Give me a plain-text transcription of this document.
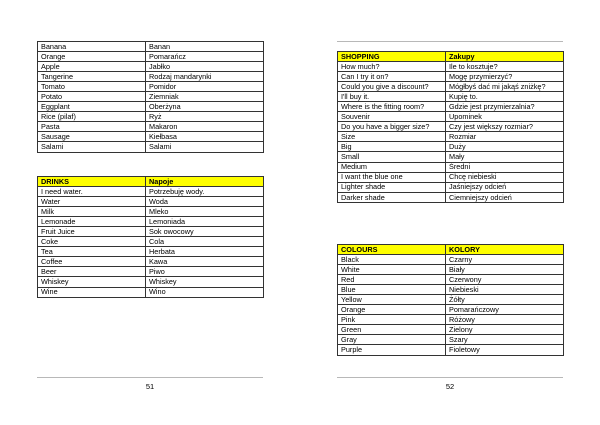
Banana	Banan
Orange	Pomarańcz
Apple	Jabłko
Tangerine	Rodzaj mandarynki
Tomato	Pomidor
Potato	Ziemniak
Eggplant	Oberżyna
Rice (pilaf)	Ryż
Pasta	Makaron
Sausage	Kiełbasa
Salami	Salami
DRINKS	Napoje
I need water.	Potrzebuję wody.
Water	Woda
Milk	Mleko
Lemonade	Lemoniada
Fruit Juice	Sok owocowy
Coke	Cola
Tea	Herbata
Coffee	Kawa
Beer	Piwo
Whiskey	Whiskey
Wine	Wino
51
SHOPPING	Zakupy
How much?	Ile to kosztuje?
Can I try it on?	Mogę przymierzyć?
Could you give a discount?	Mógłbyś dać mi jakąś zniżkę?
I'll buy it.	Kupię to.
Where is the fitting room?	Gdzie jest przymierzalnia?
Souvenir	Upominek
Do you have a bigger size?	Czy jest większy rozmiar?
Size	Rozmiar
Big	Duży
Small	Mały
Medium	Średni
I want the blue one	Chcę niebieski
Lighter shade	Jaśniejszy odcień
Darker shade	Ciemniejszy odcień
COLOURS	KOLORY
Black	Czarny
White	Biały
Red	Czerwony
Blue	Niebieski
Yellow	Żółty
Orange	Pomarańczowy
Pink	Różowy
Green	Zielony
Gray	Szary
Purple	Fioletowy
52
